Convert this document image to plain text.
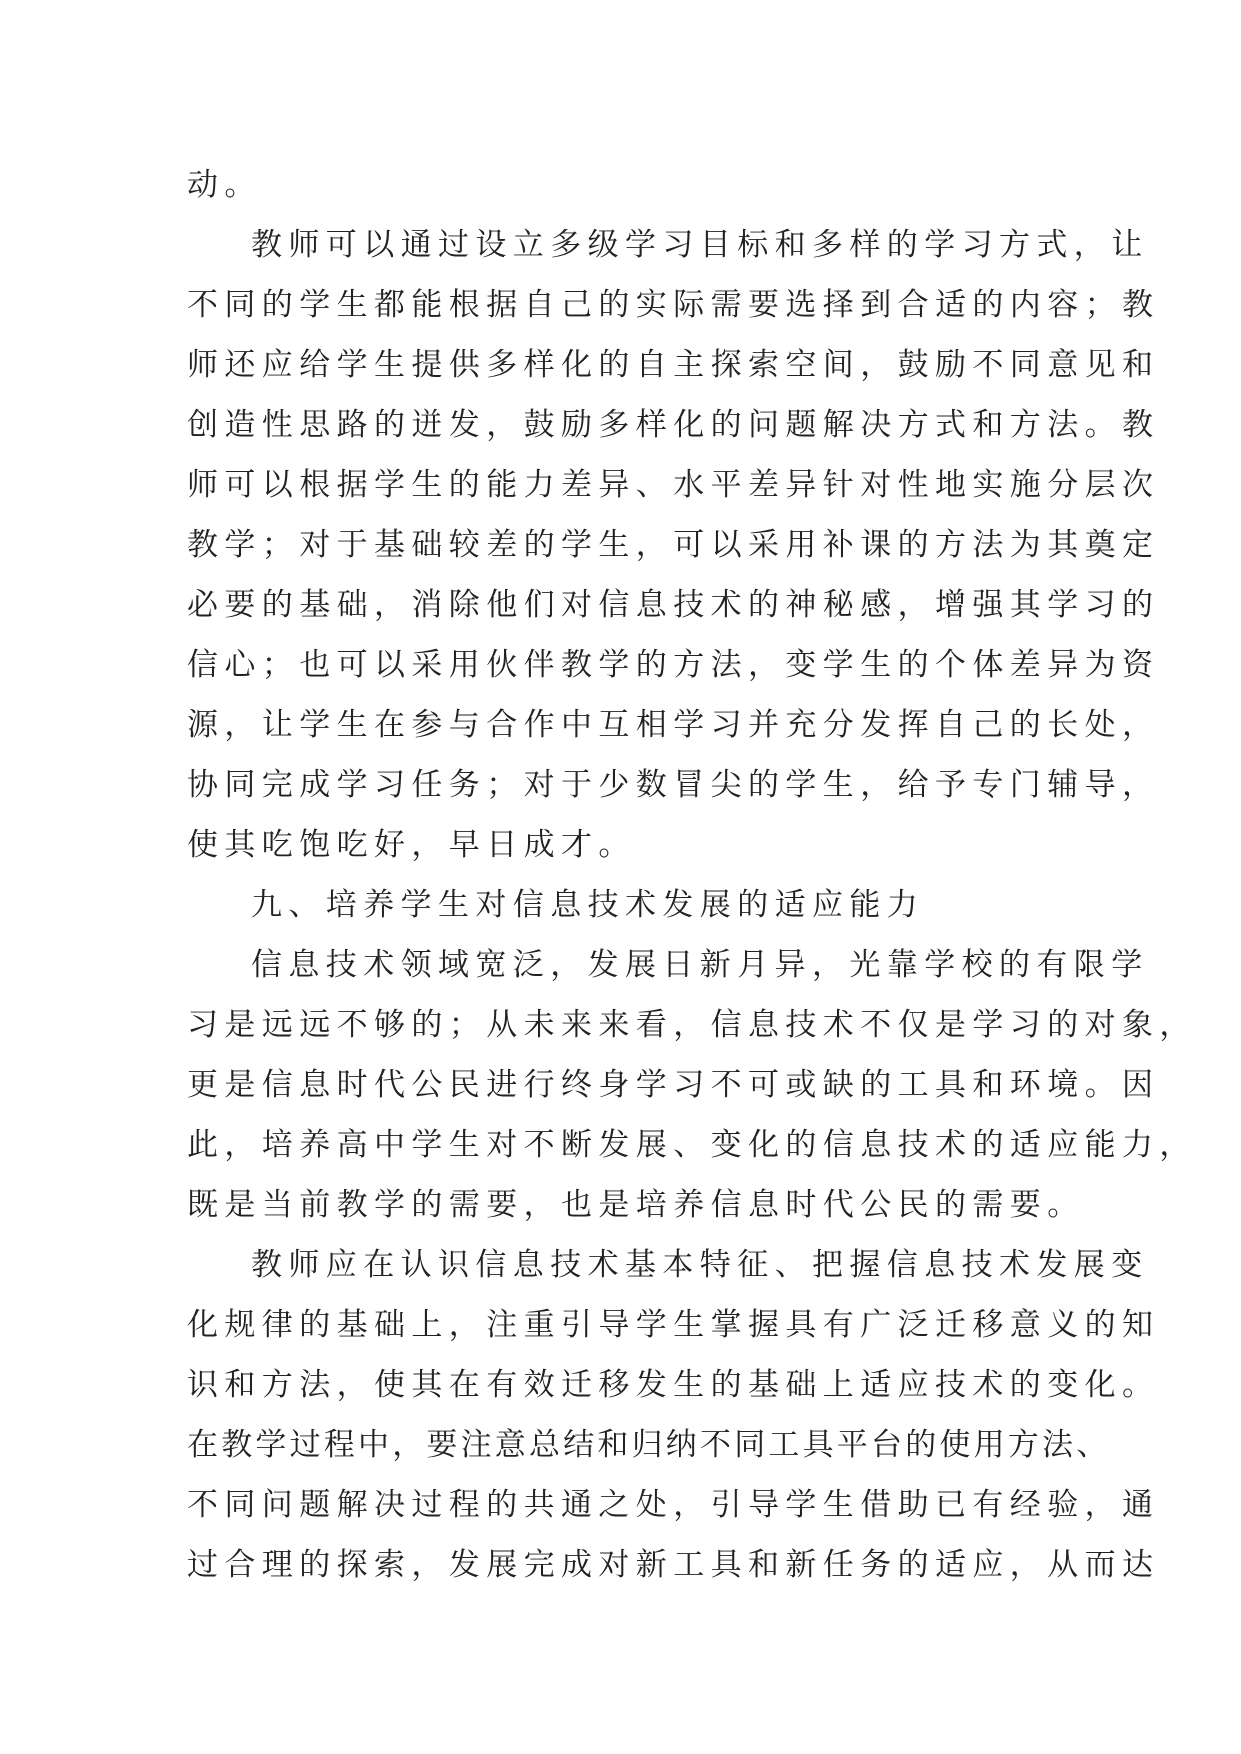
动。
教师可以通过设立多级学习目标和多样的学习方式，让
不同的学生都能根据自己的实际需要选择到合适的内容；教
师还应给学生提供多样化的自主探索空间，鼓励不同意见和
创造性思路的迸发，鼓励多样化的问题解决方式和方法。教
师可以根据学生的能力差异、水平差异针对性地实施分层次
教学；对于基础较差的学生，可以采用补课的方法为其奠定
必要的基础，消除他们对信息技术的神秘感，增强其学习的
信心；也可以采用伙伴教学的方法，变学生的个体差异为资
源，让学生在参与合作中互相学习并充分发挥自己的长处，
协同完成学习任务；对于少数冒尖的学生，给予专门辅导，
使其吃饱吃好，早日成才。
九、培养学生对信息技术发展的适应能力
信息技术领域宽泛，发展日新月异，光靠学校的有限学
习是远远不够的；从未来来看，信息技术不仅是学习的对象，
更是信息时代公民进行终身学习不可或缺的工具和环境。因
此，培养高中学生对不断发展、变化的信息技术的适应能力，
既是当前教学的需要，也是培养信息时代公民的需要。
教师应在认识信息技术基本特征、把握信息技术发展变
化规律的基础上，注重引导学生掌握具有广泛迁移意义的知
识和方法，使其在有效迁移发生的基础上适应技术的变化。
在教学过程中，要注意总结和归纳不同工具平台的使用方法、
不同问题解决过程的共通之处，引导学生借助已有经验，通
过合理的探索，发展完成对新工具和新任务的适应，从而达
